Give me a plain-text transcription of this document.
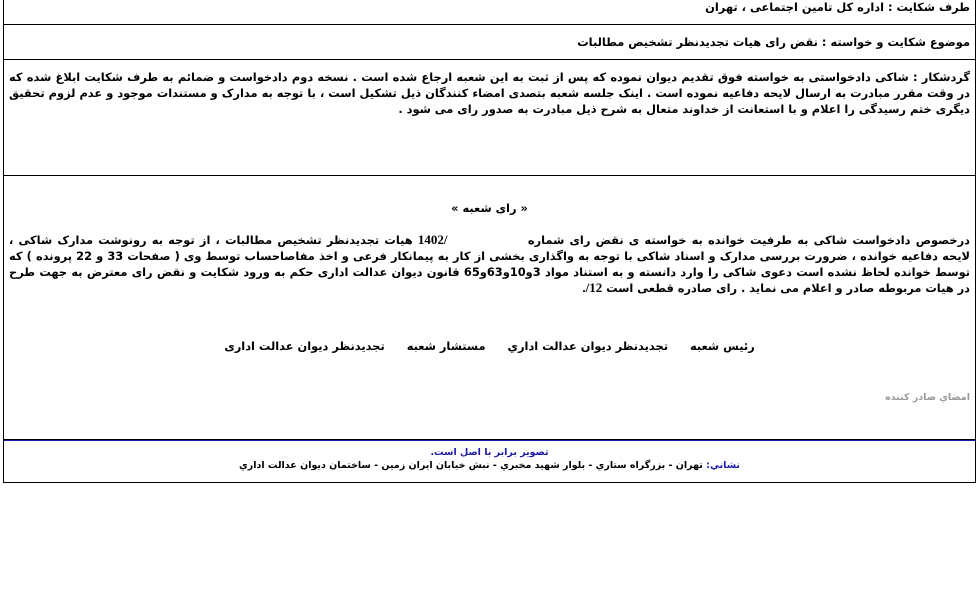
طرف شکایت : اداره کل تامین اجتماعی ، تهران
موضوع شکایت و خواسته : نقض رای هیات تجدیدنظر تشخیص مطالبات
گردشکار : شاکی دادخواستی به خواسته فوق تقدیم دیوان نموده که پس از ثبت به این شعبه ارجاع شده است . نسخه دوم دادخواست و ضمائم به طرف شکایت ابلاغ شده که در وقت مقرر مبادرت به ارسال لایحه دفاعیه نموده است . اینک جلسه شعبه بتصدی امضاء کنندگان ذیل تشکیل است ، با توجه به مدارک و مستندات موجود و عدم لزوم تحقیق دیگری ختم رسیدگی را اعلام و با استعانت از خداوند متعال به شرح ذیل مبادرت به صدور رای می شود .
« رای شعبه »
درخصوص دادخواست شاکی به طرفیت خوانده به خواسته ی نقض رای شماره  /1402 هیات تجدیدنظر تشخیص مطالبات ، از توجه به رونوشت مدارک شاکی ، لایحه دفاعیه خوانده ، ضرورت بررسی مدارک و اسناد شاکی با توجه به واگذاری بخشی از کار به پیمانکار فرعی و اخذ مفاصاحساب توسط وی ( صفحات 33 و 22 پرونده ) که توسط خوانده لحاظ نشده است دعوی شاکی را وارد دانسته و به استناد مواد 3و10و63و65 قانون دیوان عدالت اداری حکم به ورود شکایت و نقض رای معترض به جهت طرح در هیات مربوطه صادر و اعلام می نماید . رای صادره قطعی است 12/.
رئیس شعبه تجدیدنظر دیوان عدالت اداري مستشار شعبه تجدیدنظر دیوان عدالت اداری
امضاي صادر كننده
تصویر برابر با اصل است.
نشاني: تهران - بزرگراه ستاري - بلوار شهيد مخبري - نبش خيابان ايران زمين - ساختمان ديوان عدالت اداري
